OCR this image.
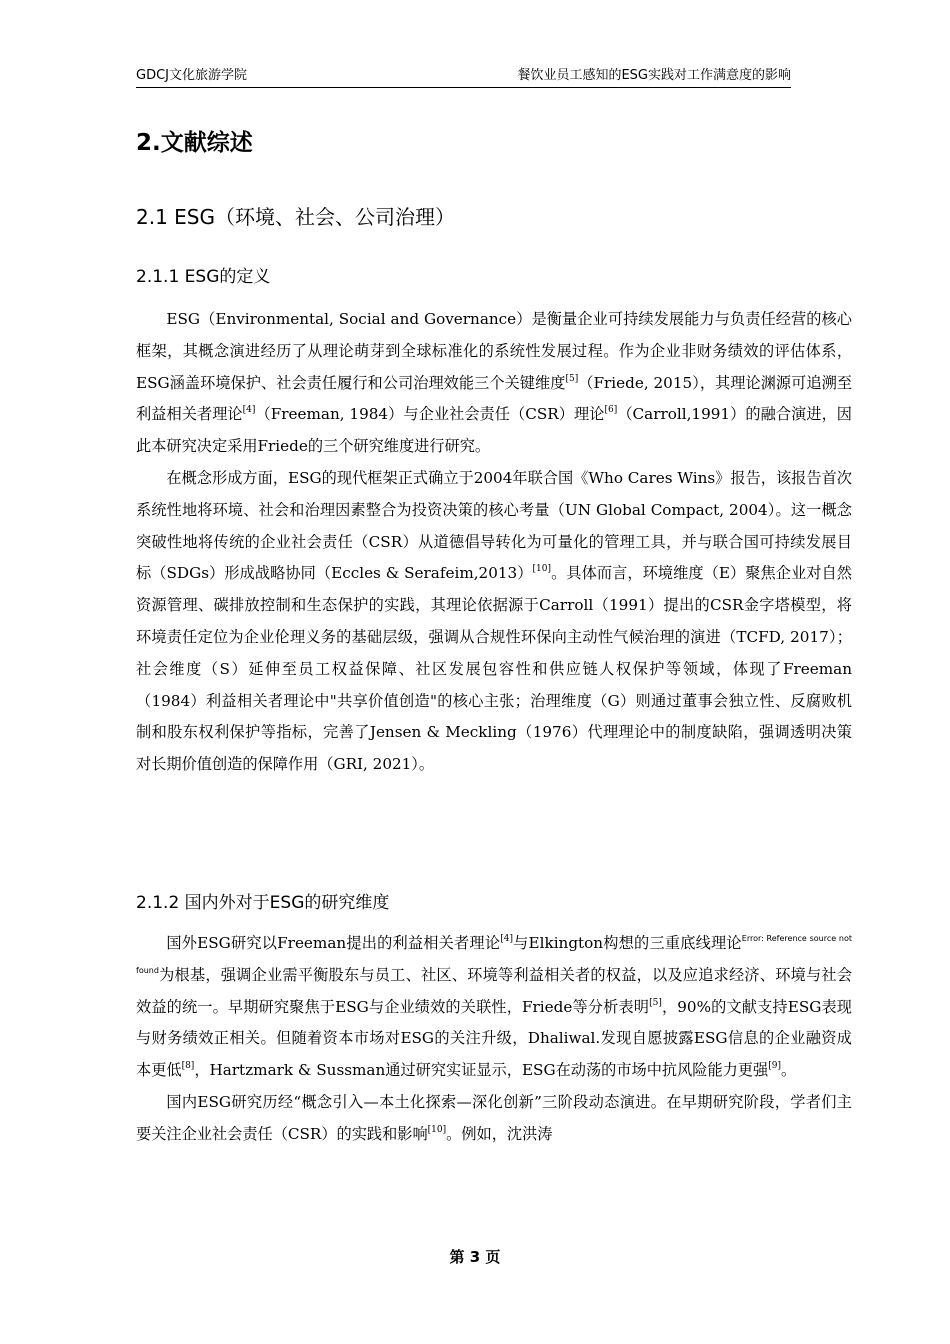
GDCJ文化旅游学院	餐饮业员工感知的ESG实践对工作满意度的影响
2.文献综述
2.1 ESG（环境、社会、公司治理）
2.1.1 ESG的定义

ESG（Environmental, Social and Governance）是衡量企业可持续发展能力与负责任经营的核心框架，其概念演进经历了从理论萌芽到全球标准化的系统性发展过程。作为企业非财务绩效的评估体系，ESG涵盖环境保护、社会责任履行和公司治理效能三个关键维度[5]（Friede, 2015），其理论渊源可追溯至利益相关者理论[4]（Freeman, 1984）与企业社会责任（CSR）理论[6]（Carroll,1991）的融合演进，因此本研究决定采用Friede的三个研究维度进行研究。

在概念形成方面，ESG的现代框架正式确立于2004年联合国《Who Cares Wins》报告，该报告首次系统性地将环境、社会和治理因素整合为投资决策的核心考量（UN Global Compact, 2004）。这一概念突破性地将传统的企业社会责任（CSR）从道德倡导转化为可量化的管理工具，并与联合国可持续发展目标（SDGs）形成战略协同（Eccles & Serafeim,2013）[10]。具体而言，环境维度（E）聚焦企业对自然资源管理、碳排放控制和生态保护的实践，其理论依据源于Carroll（1991）提出的CSR金字塔模型，将环境责任定位为企业伦理义务的基础层级，强调从合规性环保向主动性气候治理的演进（TCFD, 2017）；社会维度（S）延伸至员工权益保障、社区发展包容性和供应链人权保护等领域，体现了Freeman（1984）利益相关者理论中"共享价值创造"的核心主张；治理维度（G）则通过董事会独立性、反腐败机制和股东权利保护等指标，完善了Jensen & Meckling（1976）代理理论中的制度缺陷，强调透明决策对长期价值创造的保障作用（GRI, 2021）。

2.1.2 国内外对于ESG的研究维度

国外ESG研究以Freeman提出的利益相关者理论[4]与Elkington构想的三重底线理论$^{Error: Reference source not found}$为根基，强调企业需平衡股东与员工、社区、环境等利益相关者的权益，以及应追求经济、环境与社会效益的统一。早期研究聚焦于ESG与企业绩效的关联性，Friede等分析表明[5]，90%的文献支持ESG表现与财务绩效正相关。但随着资本市场对ESG的关注升级，Dhaliwal.发现自愿披露ESG信息的企业融资成本更低[8]，Hartzmark & Sussman通过研究实证显示，ESG在动荡的市场中抗风险能力更强[9]。

国内ESG研究历经“概念引入—本土化探索—深化创新”三阶段动态演进。在早期研究阶段，学者们主要关注企业社会责任（CSR）的实践和影响[10]。例如，沈洪涛

第 3 页
